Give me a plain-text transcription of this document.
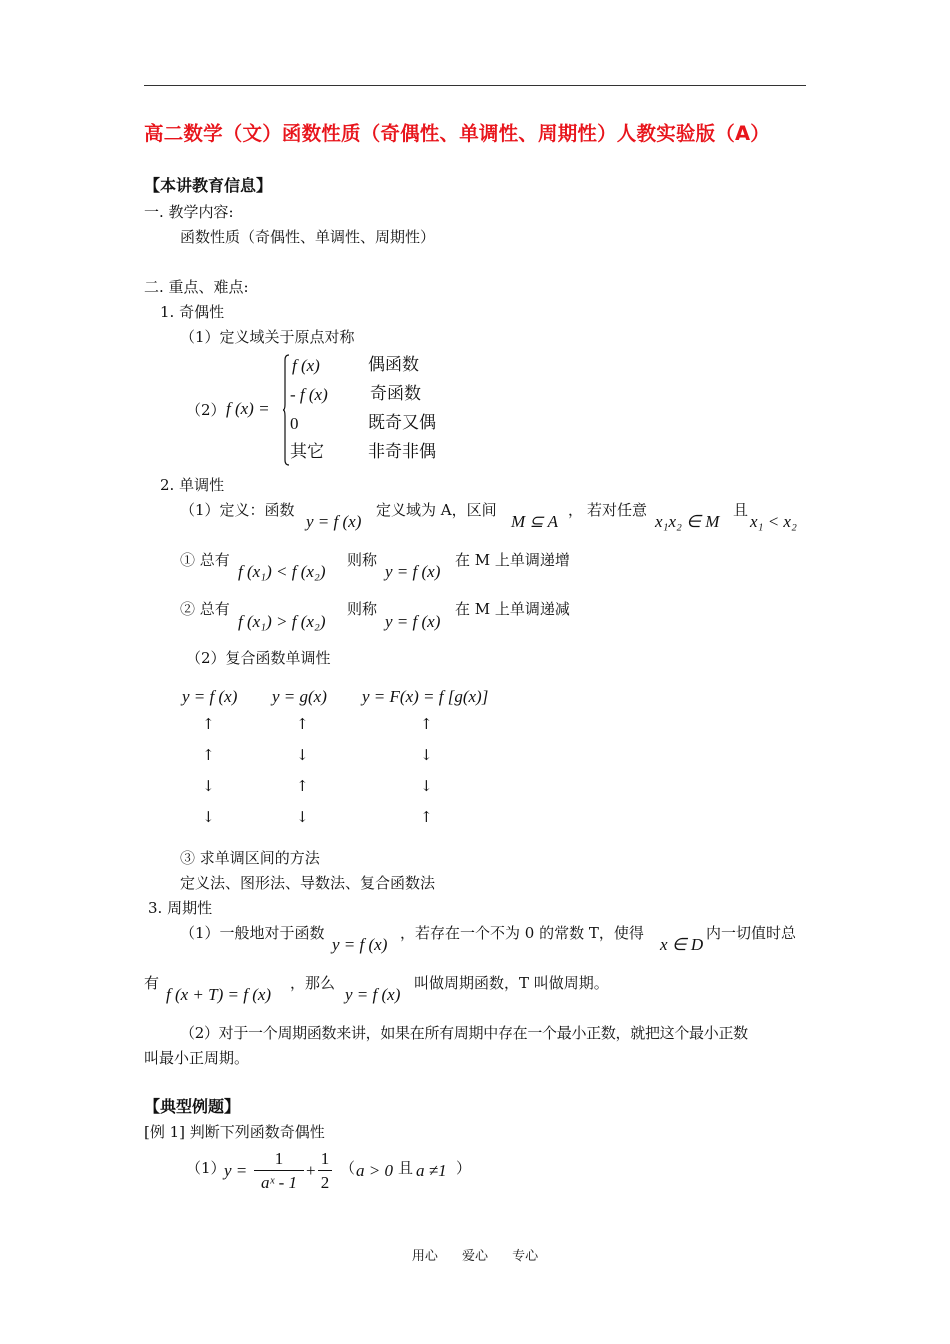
高二数学（文）函数性质（奇偶性、单调性、周期性）人教实验版（A）
【本讲教育信息】
一. 教学内容:
函数性质（奇偶性、单调性、周期性）
二. 重点、难点:
1. 奇偶性
（1）定义域关于原点对称
（2） f (x) =
f (x)	偶函数
- f (x) 奇函数
0	既奇又偶
其它	非奇非偶
2. 单调性
（1）定义：函数
y = f (x)
定义域为 A，区间
M ⊆ A
， 若对任意
x₁x₂ ∈ M
且
x₁ < x₂
① 总有
f (x₁) < f (x₂)
则称
y = f (x)
在 M 上单调递增
② 总有
f (x₁) > f (x₂)
则称
y = f (x)
在 M 上单调递减
（2）复合函数单调性
y = f (x) y = g(x) y = F(x) = f [g(x)]
↑	↑	↑
↑	↓	↓
↓	↑	↓
↓	↓	↑
③ 求单调区间的方法
定义法、图形法、导数法、复合函数法
3. 周期性
（1）一般地对于函数
y = f (x)
，若存在一个不为 0 的常数 T，使得
x ∈ D
内一切值时总
有
f (x + T) = f (x)
，那么
y = f (x)
叫做周期函数，T 叫做周期。
（2）对于一个周期函数来讲，如果在所有周期中存在一个最小正数，就把这个最小正数
叫最小正周期。
【典型例题】
[例 1] 判断下列函数奇偶性
（1）
y =
1
aˣ - 1
+
1
2
（ a > 0 且 a ≠1 ）
用心 爱心 专心
